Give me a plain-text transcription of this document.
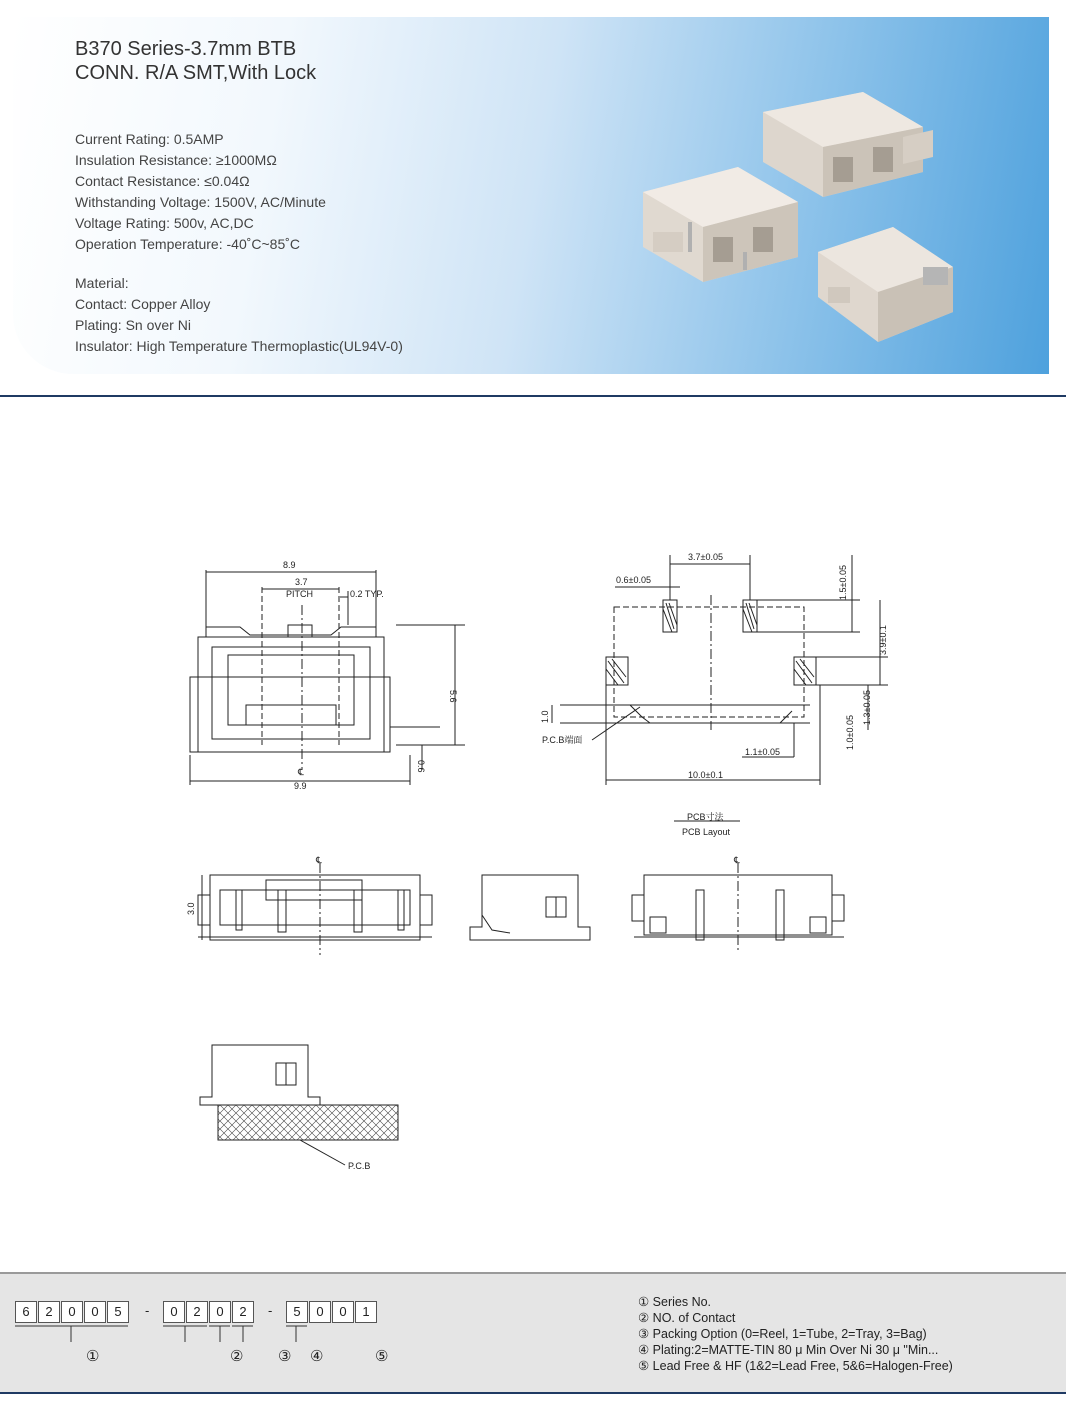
B370 Series-3.7mm BTB
CONN. R/A SMT,With Lock
Current Rating: 0.5AMP
Insulation Resistance: ≥1000MΩ
Contact Resistance: ≤0.04Ω
Withstanding Voltage: 1500V, AC/Minute
Voltage Rating: 500v, AC,DC
Operation Temperature: -40˚C~85˚C
Material:
Contact: Copper Alloy
Plating: Sn over Ni
Insulator: High Temperature Thermoplastic(UL94V-0)
8.9
3.7
PITCH	0.2 TYP.
5.6
0.6
℄
9.9
3.7±0.05
0.6±0.05	1.5±0.05
3.9±0.1
1.3±0.05
1.0±0.05
1.0
P.C.B端面
1.1±0.05
10.0±0.1
PCB寸法
PCB Layout
3.0
℄	℄
P.C.B
6	2	0	0	5	-	0	2	0	2	-	5	0	0	1
①	② ③ ④	⑤
① Series No.
② NO. of Contact
③ Packing Option (0=Reel, 1=Tube, 2=Tray, 3=Bag)
④ Plating:2=MATTE-TIN 80 μ Min Over Ni 30 μ "Min...
⑤ Lead Free & HF (1&2=Lead Free, 5&6=Halogen-Free)
